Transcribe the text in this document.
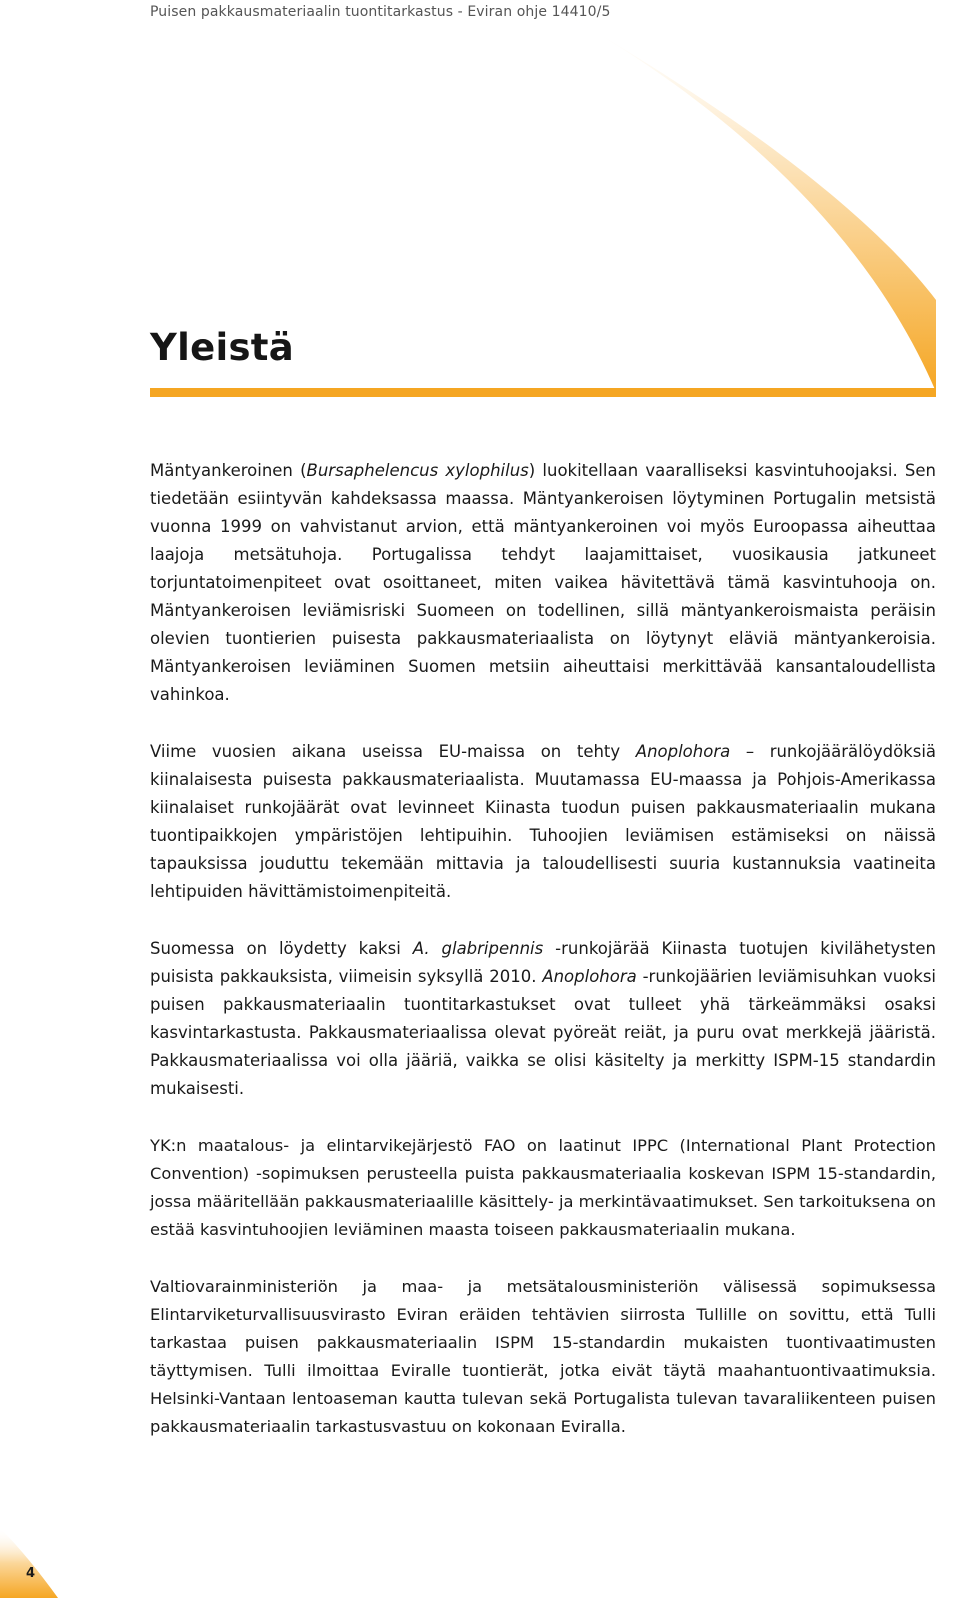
Puisen pakkausmateriaalin tuontitarkastus - Eviran ohje 14410/5
Yleistä

Mäntyankeroinen (Bursaphelencus xylophilus) luokitellaan vaaralliseksi kasvintuhoojaksi. Sen tiedetään esiintyvän kahdeksassa maassa. Mäntyankeroisen löytyminen Portugalin metsistä vuonna 1999 on vahvistanut arvion, että mäntyankeroinen voi myös Euroopassa aiheuttaa laajoja metsätuhoja. Portugalissa tehdyt laajamittaiset, vuosikausia jatkuneet torjuntatoimenpiteet ovat osoittaneet, miten vaikea hävitettävä tämä kasvintuhooja on. Mäntyankeroisen leviämisriski Suomeen on todellinen, sillä mäntyankeroismaista peräisin olevien tuontierien puisesta pakkausmateriaalista on löytynyt eläviä mäntyankeroisia. Mäntyankeroisen leviäminen Suomen metsiin aiheuttaisi merkittävää kansantaloudellista vahinkoa.

Viime vuosien aikana useissa EU-maissa on tehty Anoplohora – runkojäärälöydöksiä kiinalaisesta puisesta pakkausmateriaalista. Muutamassa EU-maassa ja Pohjois-Amerikassa kiinalaiset runkojäärät ovat levinneet Kiinasta tuodun puisen pakkausmateriaalin mukana tuontipaikkojen ympäristöjen lehtipuihin. Tuhoojien leviämisen estämiseksi on näissä tapauksissa jouduttu tekemään mittavia ja taloudellisesti suuria kustannuksia vaatineita lehtipuiden hävittämistoimenpiteitä.

Suomessa on löydetty kaksi A. glabripennis -runkojärää Kiinasta tuotujen kivilähetysten puisista pakkauksista, viimeisin syksyllä 2010. Anoplohora -runkojäärien leviämisuhkan vuoksi puisen pakkausmateriaalin tuontitarkastukset ovat tulleet yhä tärkeämmäksi osaksi kasvintarkastusta. Pakkausmateriaalissa olevat pyöreät reiät, ja puru ovat merkkejä jääristä. Pakkausmateriaalissa voi olla jääriä, vaikka se olisi käsitelty ja merkitty ISPM-15 standardin mukaisesti.

YK:n maatalous- ja elintarvikejärjestö FAO on laatinut IPPC (International Plant Protection Convention) -sopimuksen perusteella puista pakkausmateriaalia koskevan ISPM 15-standardin, jossa määritellään pakkausmateriaalille käsittely- ja merkintävaatimukset. Sen tarkoituksena on estää kasvintuhoojien leviäminen maasta toiseen pakkausmateriaalin mukana.

Valtiovarainministeriön ja maa- ja metsätalousministeriön välisessä sopimuksessa Elintarviketurvallisuusvirasto Eviran eräiden tehtävien siirrosta Tullille on sovittu, että Tulli tarkastaa puisen pakkausmateriaalin ISPM 15-standardin mukaisten tuontivaatimusten täyttymisen. Tulli ilmoittaa Eviralle tuontierät, jotka eivät täytä maahantuontivaatimuksia. Helsinki-Vantaan lentoaseman kautta tulevan sekä Portugalista tulevan tavaraliikenteen puisen pakkausmateriaalin tarkastusvastuu on kokonaan Eviralla.

4
